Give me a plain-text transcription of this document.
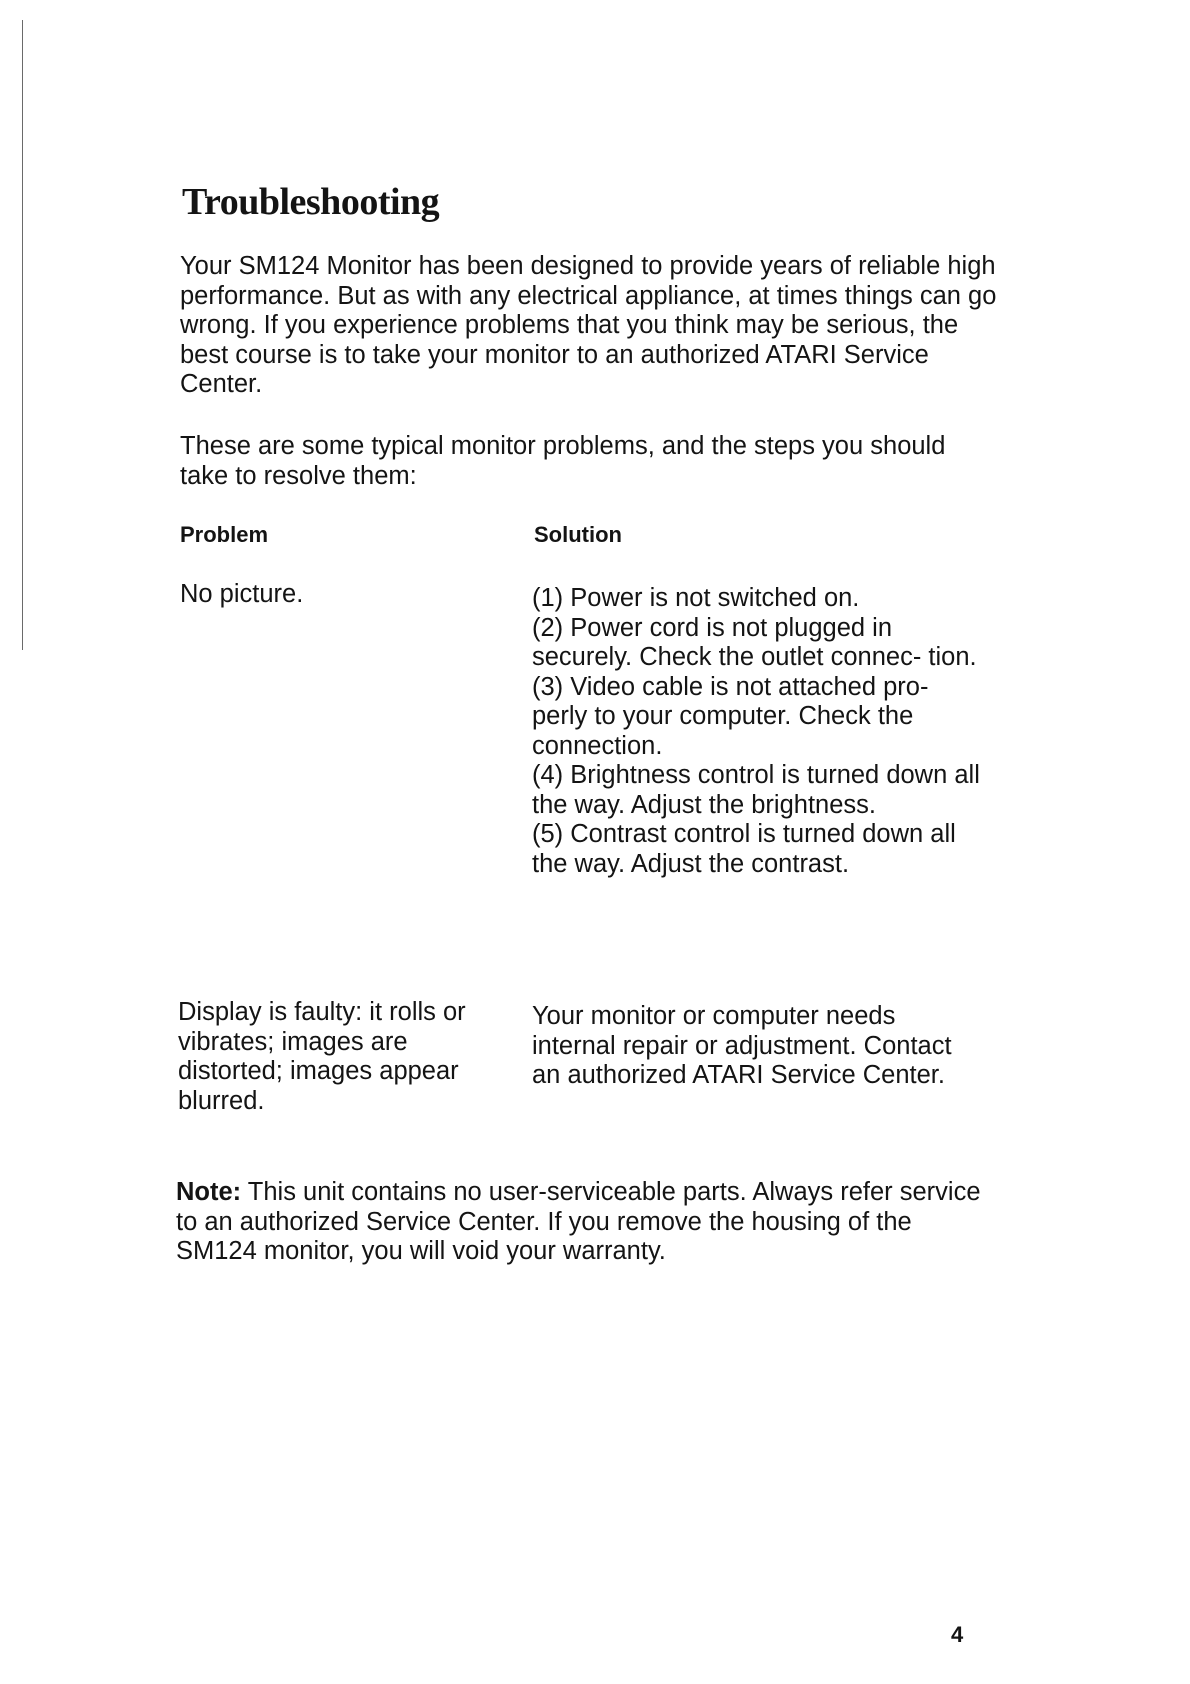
Troubleshooting

Your SM124 Monitor has been designed to provide years of reliable high performance. But as with any electrical appliance, at times things can go wrong. If you experience problems that you think may be serious, the best course is to take your monitor to an authorized ATARI Service Center.

These are some typical monitor problems, and the steps you should take to resolve them:

Problem	Solution
No picture.	(1) Power is not switched on.

(2) Power cord is not plugged in securely. Check the outlet connec- tion.

(3) Video cable is not attached pro- perly to your computer. Check the connection.

(4) Brightness control is turned down all the way. Adjust the brightness.

(5) Contrast control is turned down all the way. Adjust the contrast.

Display is faulty: it rolls or vibrates; images are distorted; images appear blurred.
Your monitor or computer needs internal repair or adjustment. Contact an authorized ATARI Service Center.
Note: This unit contains no user-serviceable parts. Always refer service to an authorized Service Center. If you remove the housing of the SM124 monitor, you will void your warranty.
4
